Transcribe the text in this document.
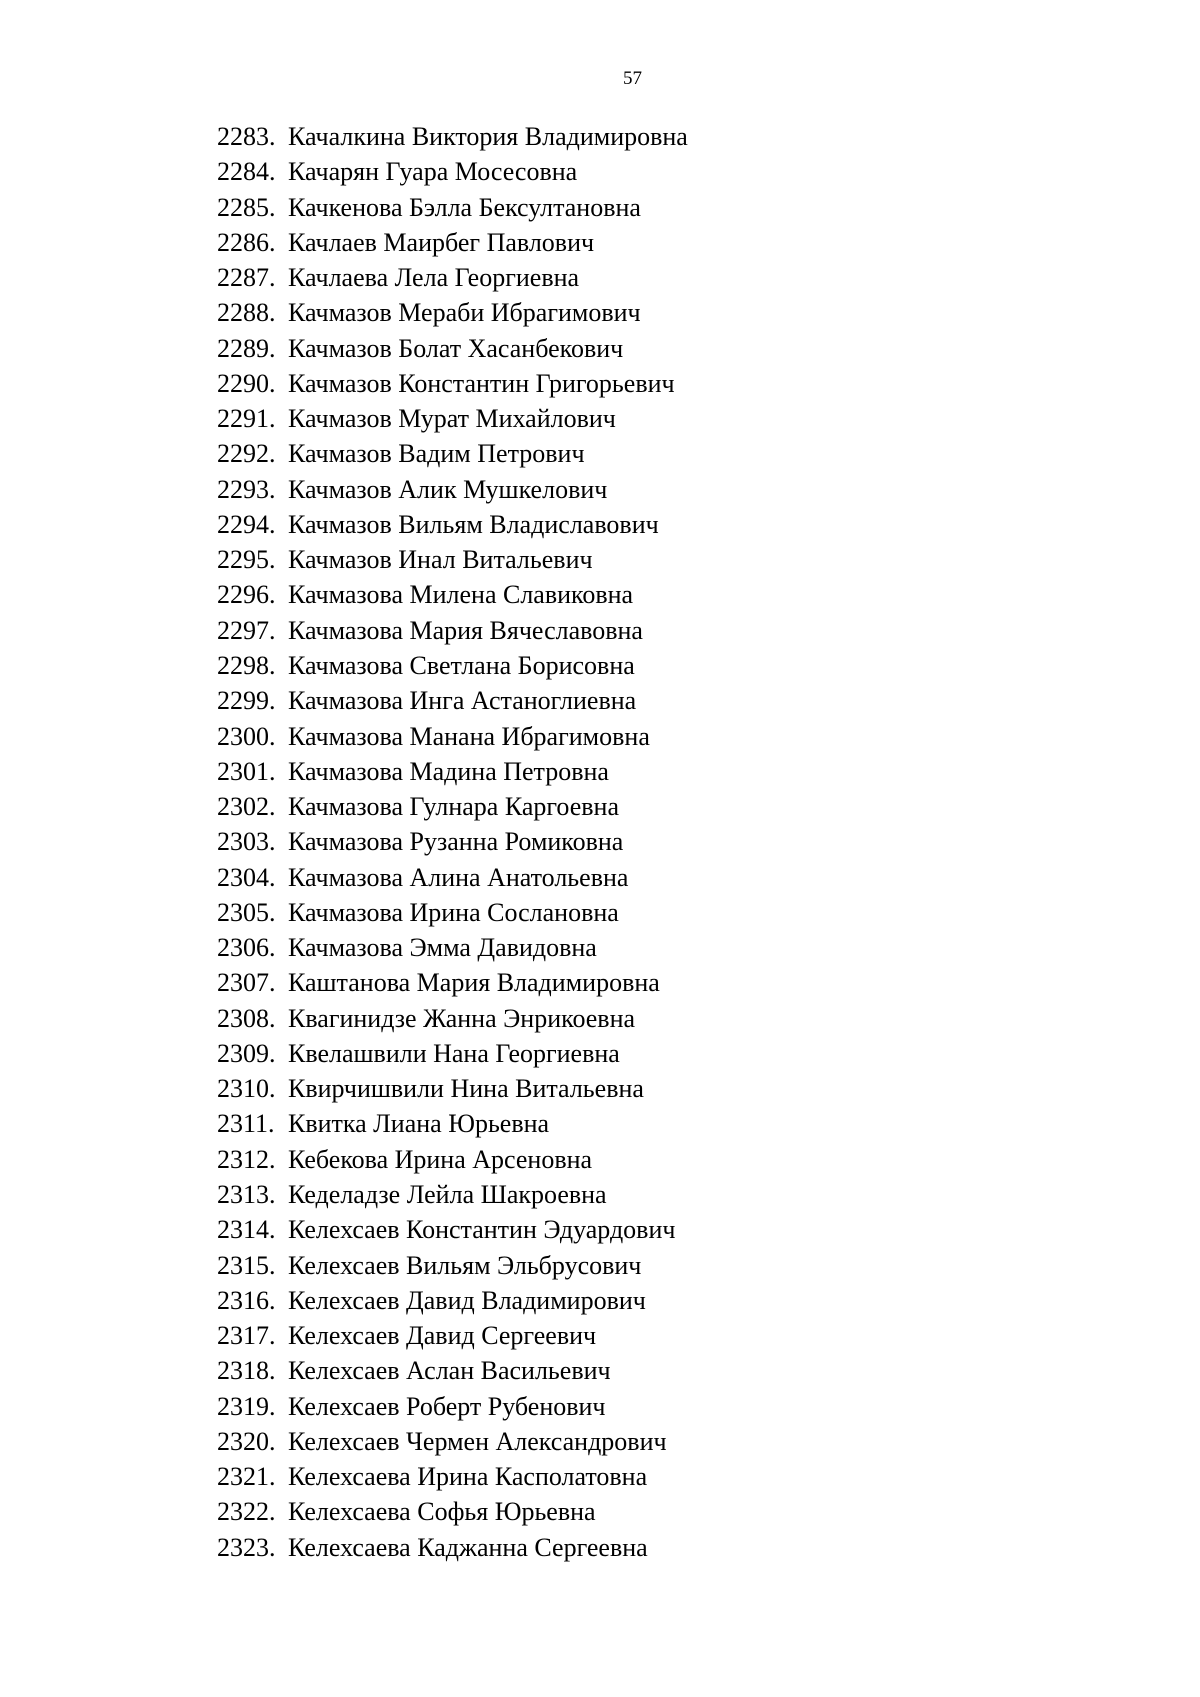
57
2283. Качалкина Виктория Владимировна
2284. Качарян Гуара Мосесовна
2285. Качкенова Бэлла Бексултановна
2286. Качлаев Маирбег Павлович
2287. Качлаева Лела Георгиевна
2288. Качмазов Мераби Ибрагимович
2289. Качмазов Болат Хасанбекович
2290. Качмазов Константин Григорьевич
2291. Качмазов Мурат Михайлович
2292. Качмазов Вадим Петрович
2293. Качмазов Алик Мушкелович
2294. Качмазов Вильям Владиславович
2295. Качмазов Инал Витальевич
2296. Качмазова Милена Славиковна
2297. Качмазова Мария Вячеславовна
2298. Качмазова Светлана Борисовна
2299. Качмазова Инга Астаноглиевна
2300. Качмазова Манана Ибрагимовна
2301. Качмазова Мадина Петровна
2302. Качмазова Гулнара Каргоевна
2303. Качмазова Рузанна Ромиковна
2304. Качмазова Алина Анатольевна
2305. Качмазова Ирина Сослановна
2306. Качмазова Эмма Давидовна
2307. Каштанова Мария Владимировна
2308. Квагинидзе Жанна Энрикоевна
2309. Квелашвили Нана Георгиевна
2310. Квирчишвили Нина Витальевна
2311. Квитка Лиана Юрьевна
2312. Кебекова Ирина Арсеновна
2313. Кеделадзе Лейла Шакроевна
2314. Келехсаев Константин Эдуардович
2315. Келехсаев Вильям Эльбрусович
2316. Келехсаев Давид Владимирович
2317. Келехсаев Давид Сергеевич
2318. Келехсаев Аслан Васильевич
2319. Келехсаев Роберт Рубенович
2320. Келехсаев Чермен Александрович
2321. Келехсаева Ирина Касполатовна
2322. Келехсаева Софья Юрьевна
2323. Келехсаева Каджанна Сергеевна
